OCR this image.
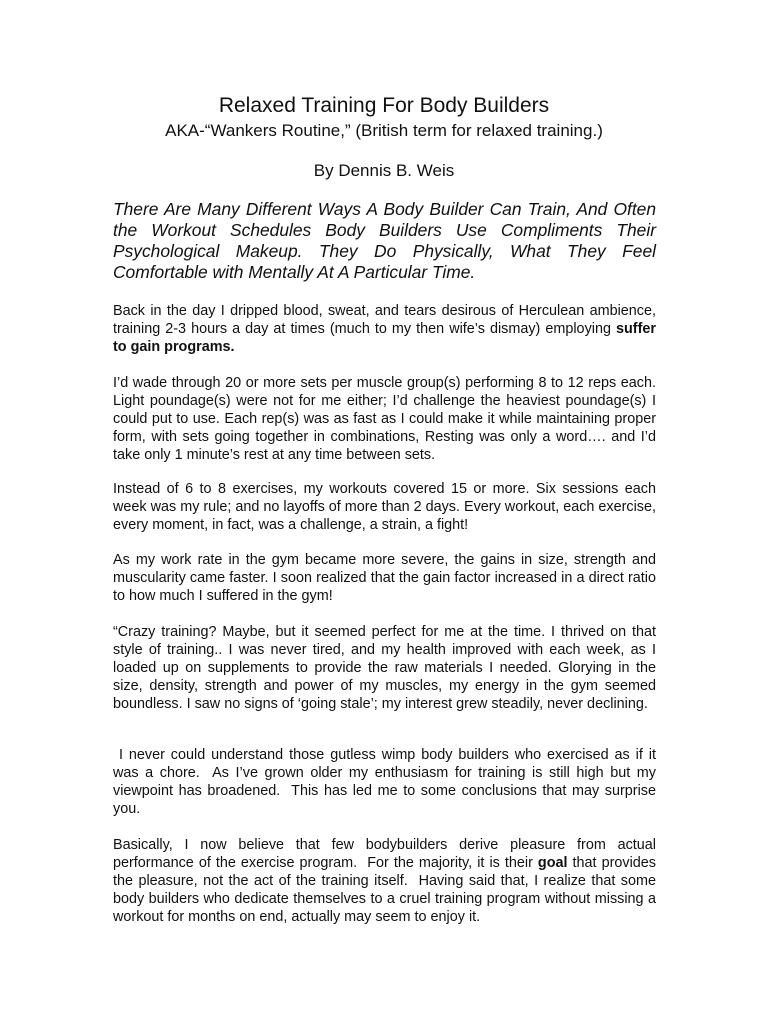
Relaxed Training For Body Builders
AKA-“Wankers Routine,” (British term for relaxed training.)
By Dennis B. Weis
There Are Many Different Ways A Body Builder Can Train, And Often the Workout Schedules Body Builders Use Compliments Their Psychological Makeup. They Do Physically, What They Feel Comfortable with Mentally At A Particular Time.

Back in the day I dripped blood, sweat, and tears desirous of Herculean ambience, training 2-3 hours a day at times (much to my then wife’s dismay) employing suffer to gain programs.

I’d wade through 20 or more sets per muscle group(s) performing 8 to 12 reps each. Light poundage(s) were not for me either; I’d challenge the heaviest poundage(s) I could put to use. Each rep(s) was as fast as I could make it while maintaining proper form, with sets going together in combinations, Resting was only a word…. and I’d take only 1 minute’s rest at any time between sets.

Instead of 6 to 8 exercises, my workouts covered 15 or more. Six sessions each week was my rule; and no layoffs of more than 2 days. Every workout, each exercise, every moment, in fact, was a challenge, a strain, a fight!

As my work rate in the gym became more severe, the gains in size, strength and muscularity came faster. I soon realized that the gain factor increased in a direct ratio to how much I suffered in the gym!

“Crazy training? Maybe, but it seemed perfect for me at the time. I thrived on that style of training.. I was never tired, and my health improved with each week, as I loaded up on supplements to provide the raw materials I needed. Glorying in the size, density, strength and power of my muscles, my energy in the gym seemed boundless. I saw no signs of ‘going stale’; my interest grew steadily, never declining.

I never could understand those gutless wimp body builders who exercised as if it was a chore.  As I’ve grown older my enthusiasm for training is still high but my viewpoint has broadened.  This has led me to some conclusions that may surprise you.

Basically, I now believe that few bodybuilders derive pleasure from actual performance of the exercise program.  For the majority, it is their goal that provides the pleasure, not the act of the training itself.  Having said that, I realize that some body builders who dedicate themselves to a cruel training program without missing a workout for months on end, actually may seem to enjoy it.
